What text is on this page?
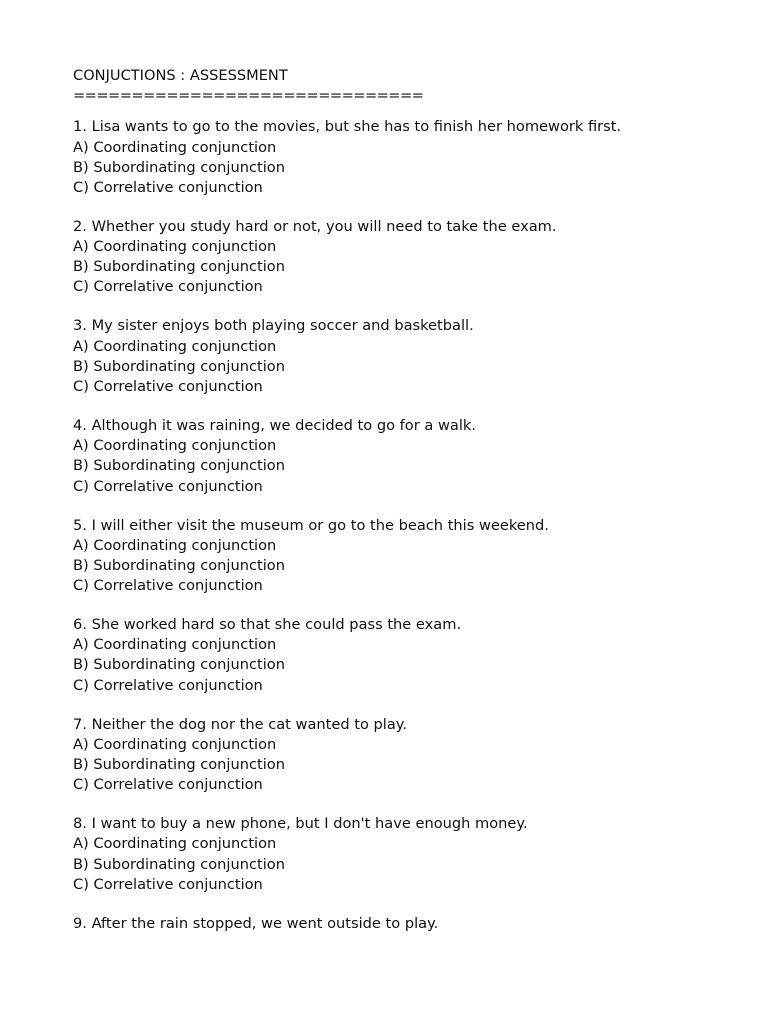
CONJUCTIONS : ASSESSMENT
==============================
1. Lisa wants to go to the movies, but she has to finish her homework first.
A) Coordinating conjunction
B) Subordinating conjunction
C) Correlative conjunction
2. Whether you study hard or not, you will need to take the exam.
A) Coordinating conjunction
B) Subordinating conjunction
C) Correlative conjunction
3. My sister enjoys both playing soccer and basketball.
A) Coordinating conjunction
B) Subordinating conjunction
C) Correlative conjunction
4. Although it was raining, we decided to go for a walk.
A) Coordinating conjunction
B) Subordinating conjunction
C) Correlative conjunction
5. I will either visit the museum or go to the beach this weekend.
A) Coordinating conjunction
B) Subordinating conjunction
C) Correlative conjunction
6. She worked hard so that she could pass the exam.
A) Coordinating conjunction
B) Subordinating conjunction
C) Correlative conjunction
7. Neither the dog nor the cat wanted to play.
A) Coordinating conjunction
B) Subordinating conjunction
C) Correlative conjunction
8. I want to buy a new phone, but I don't have enough money.
A) Coordinating conjunction
B) Subordinating conjunction
C) Correlative conjunction
9. After the rain stopped, we went outside to play.
